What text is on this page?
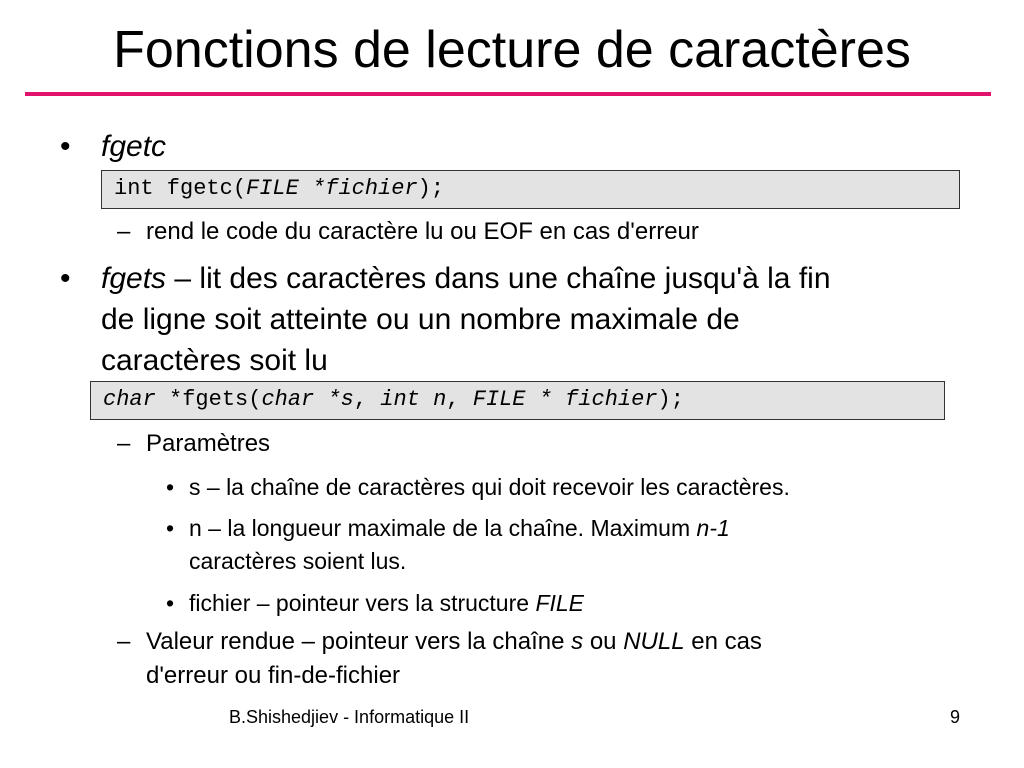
Fonctions de lecture de caractères
• fgetc
int fgetc(FILE *fichier);
– rend le code du caractère lu ou EOF en cas d'erreur
• fgets – lit des caractères dans une chaîne jusqu'à la fin
de ligne soit atteinte ou un nombre maximale de
caractères soit lu
char *fgets(char *s, int n, FILE * fichier);
– Paramètres
• s – la chaîne de caractères qui doit recevoir les caractères.
• n – la longueur maximale de la chaîne. Maximum n-1
caractères soient lus.
• fichier – pointeur vers la structure FILE
– Valeur rendue – pointeur vers la chaîne s ou NULL en cas
d'erreur ou fin-de-fichier
B.Shishedjiev - Informatique II	9
